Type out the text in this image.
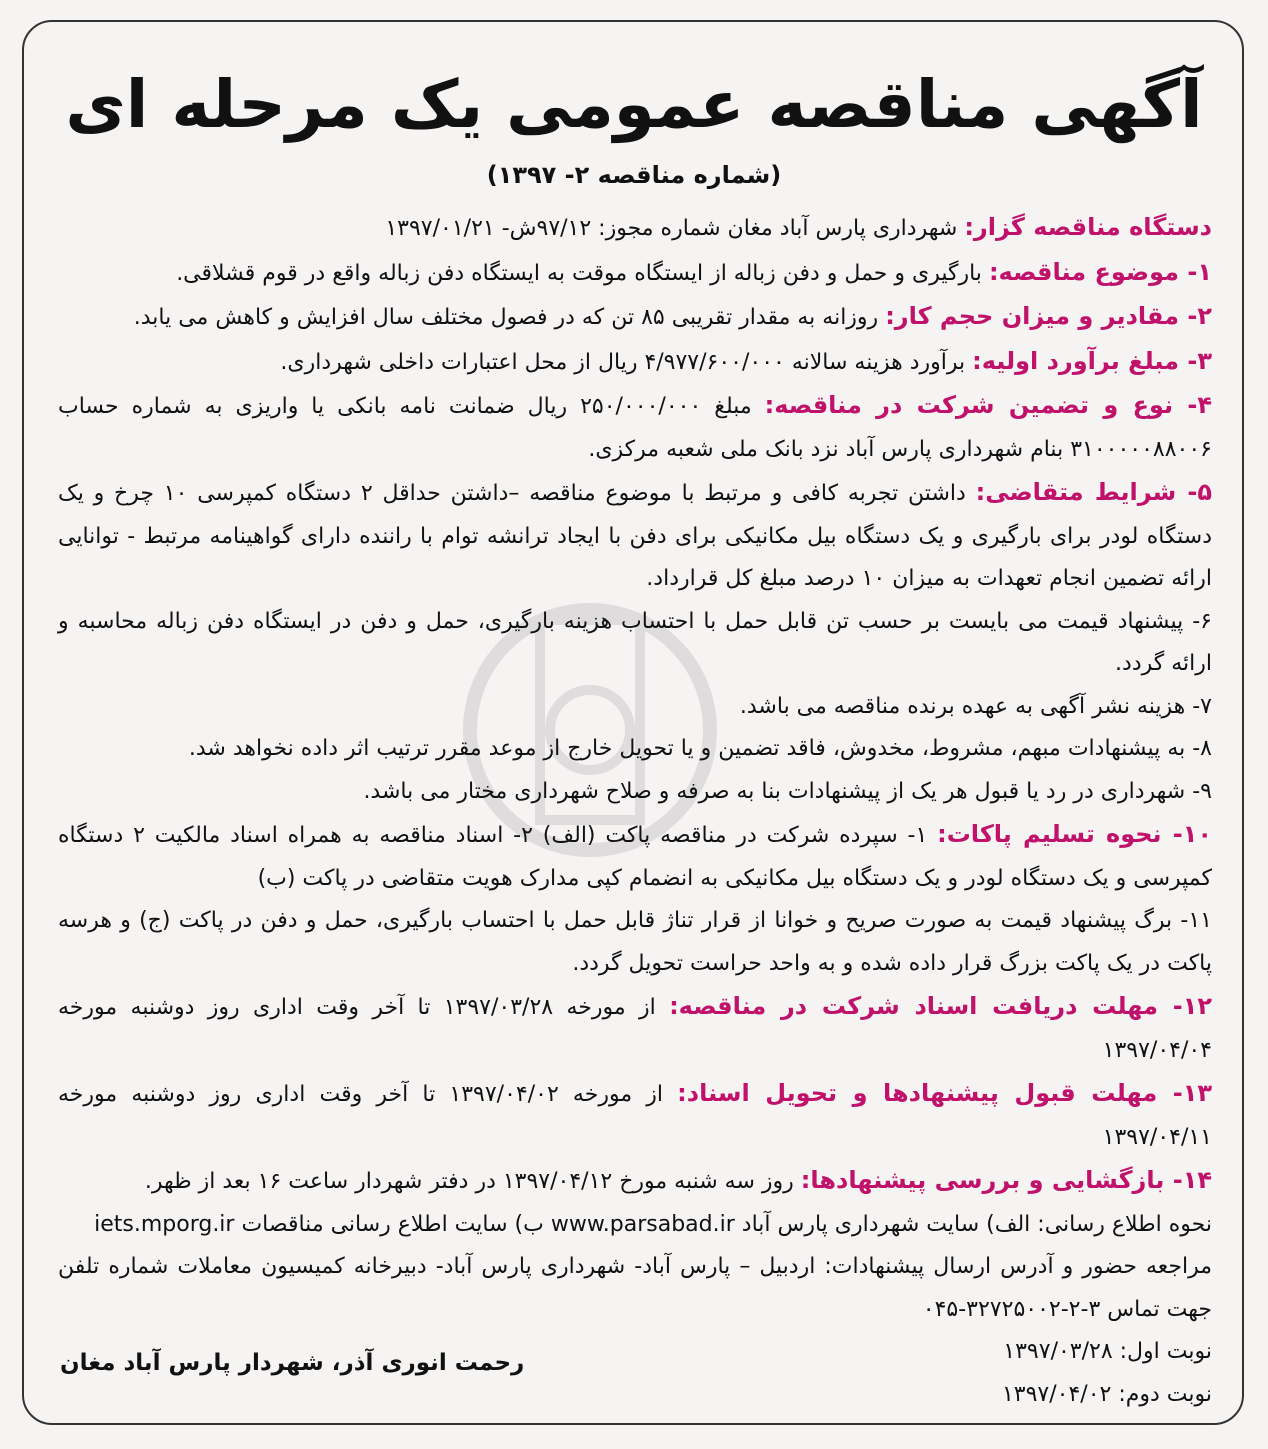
آگهی مناقصه عمومی یک مرحله ای
(شماره مناقصه ۲- ۱۳۹۷)

دستگاه مناقصه گزار: شهرداری پارس آباد مغان شماره مجوز: ۹۷/۱۲ش- ۱۳۹۷/۰۱/۲۱

۱- موضوع مناقصه: بارگیری و حمل و دفن زباله از ایستگاه موقت به ایستگاه دفن زباله واقع در قوم قشلاقی.

۲- مقادیر و میزان حجم کار: روزانه به مقدار تقریبی ۸۵ تن که در فصول مختلف سال افزایش و کاهش می یابد.

۳- مبلغ برآورد اولیه: برآورد هزینه سالانه ۴/۹۷۷/۶۰۰/۰۰۰ ریال از محل اعتبارات داخلی شهرداری.

۴- نوع و تضمین شرکت در مناقصه: مبلغ ۲۵۰/۰۰۰/۰۰۰ ریال ضمانت نامه بانکی یا واریزی به شماره حساب ۳۱۰۰۰۰۰۸۸۰۰۶ بنام شهرداری پارس آباد نزد بانک ملی شعبه مرکزی.

۵- شرایط متقاضی: داشتن تجربه کافی و مرتبط با موضوع مناقصه –داشتن حداقل ۲ دستگاه کمپرسی ۱۰ چرخ و یک دستگاه لودر برای بارگیری و یک دستگاه بیل مکانیکی برای دفن با ایجاد ترانشه توام با راننده دارای گواهینامه مرتبط - توانایی ارائه تضمین انجام تعهدات به میزان ۱۰ درصد مبلغ کل قرارداد.

۶- پیشنهاد قیمت می بایست بر حسب تن قابل حمل با احتساب هزینه بارگیری، حمل و دفن در ایستگاه دفن زباله محاسبه و ارائه گردد.

۷- هزینه نشر آگهی به عهده برنده مناقصه می باشد.

۸- به پیشنهادات مبهم، مشروط، مخدوش، فاقد تضمین و یا تحویل خارج از موعد مقرر ترتیب اثر داده نخواهد شد.

۹- شهرداری در رد یا قبول هر یک از پیشنهادات بنا به صرفه و صلاح شهرداری مختار می باشد.

۱۰- نحوه تسلیم پاکات: ۱- سپرده شرکت در مناقصه پاکت (الف) ۲- اسناد مناقصه به همراه اسناد مالکیت ۲ دستگاه کمپرسی و یک دستگاه لودر و یک دستگاه بیل مکانیکی به انضمام کپی مدارک هویت متقاضی در پاکت (ب)

۱۱- برگ پیشنهاد قیمت به صورت صریح و خوانا از قرار تناژ قابل حمل با احتساب بارگیری، حمل و دفن در پاکت (ج) و هرسه پاکت در یک پاکت بزرگ قرار داده شده و به واحد حراست تحویل گردد.

۱۲- مهلت دریافت اسناد شرکت در مناقصه: از مورخه ۱۳۹۷/۰۳/۲۸ تا آخر وقت اداری روز دوشنبه مورخه ۱۳۹۷/۰۴/۰۴

۱۳- مهلت قبول پیشنهادها و تحویل اسناد: از مورخه ۱۳۹۷/۰۴/۰۲ تا آخر وقت اداری روز دوشنبه مورخه ۱۳۹۷/۰۴/۱۱

۱۴- بازگشایی و بررسی پیشنهادها: روز سه شنبه مورخ ۱۳۹۷/۰۴/۱۲ در دفتر شهردار ساعت ۱۶ بعد از ظهر.

نحوه اطلاع رسانی: الف) سایت شهرداری پارس آباد www.parsabad.ir ب) سایت اطلاع رسانی مناقصات iets.mporg.ir

مراجعه حضور و آدرس ارسال پیشنهادات: اردبیل – پارس آباد- شهرداری پارس آباد- دبیرخانه کمیسیون معاملات شماره تلفن جهت تماس ۳-۲-۳۲۷۲۵۰۰۲-۰۴۵

نوبت اول: ۱۳۹۷/۰۳/۲۸

نوبت دوم: ۱۳۹۷/۰۴/۰۲

رحمت انوری آذر، شهردار پارس آباد مغان
